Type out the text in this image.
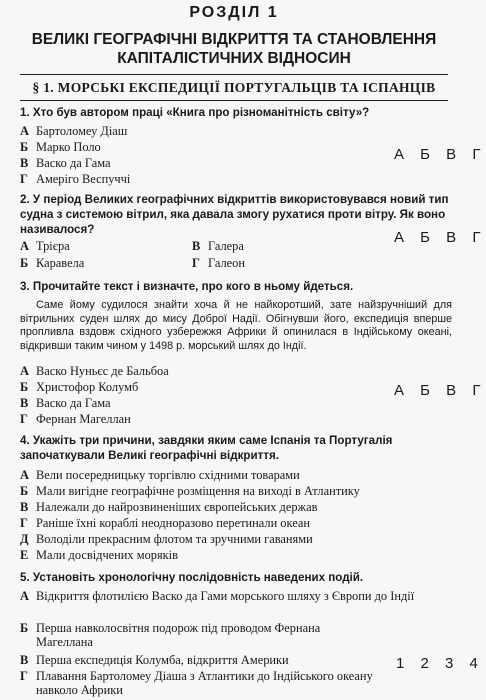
РОЗДІЛ 1
ВЕЛИКІ ГЕОГРАФІЧНІ ВІДКРИТТЯ ТА СТАНОВЛЕННЯ
КАПІТАЛІСТИЧНИХ ВІДНОСИН
§ 1. МОРСЬКІ ЕКСПЕДИЦІЇ ПОРТУГАЛЬЦІВ ТА ІСПАНЦІВ
1. Хто був автором праці «Книга про різноманітність світу»?
А Бартоломеу Діаш
Б Марко Поло
В Васко да Гама
Г Амеріго Веспуччі
А Б В Г
2. У період Великих географічних відкриттів використовувався новий тип судна з системою вітрил, яка давала змогу рухатися проти вітру. Як воно називалося?
А Трієра	В Галера
Б Каравела	Г Галеон
А Б В Г
3. Прочитайте текст і визначте, про кого в ньому йдеться.
Саме йому судилося знайти хоча й не найкоротший, зате найзручніший для вітрильних суден шлях до мису Доброї Надії. Обігнувши його, експедиція вперше пропливла вздовж східного узбережжя Африки й опинилася в Індійському океані, відкривши таким чином у 1498 р. морський шлях до Індії.
А Васко Нуньєс де Бальбоа
Б Христофор Колумб
В Васко да Гама
Г Фернан Магеллан
А Б В Г
4. Укажіть три причини, завдяки яким саме Іспанія та Португалія започаткували Великі географічні відкриття.
А Вели посередницьку торгівлю східними товарами
Б Мали вигідне географічне розміщення на виході в Атлантику
В Належали до найрозвиненіших європейських держав
Г Раніше їхні кораблі неодноразово перетинали океан
Д Володіли прекрасним флотом та зручними гаванями
Е Мали досвідчених моряків
5. Установіть хронологічну послідовність наведених подій.
А Відкриття флотилією Васко да Гами морського шляху з Європи до Індії
Б Перша навколосвітня подорож під проводом Фернана Магеллана
В Перша експедиція Колумба, відкриття Америки
Г Плавання Бартоломеу Діаша з Атлантики до Індійського океану навколо Африки
1 2 3 4
